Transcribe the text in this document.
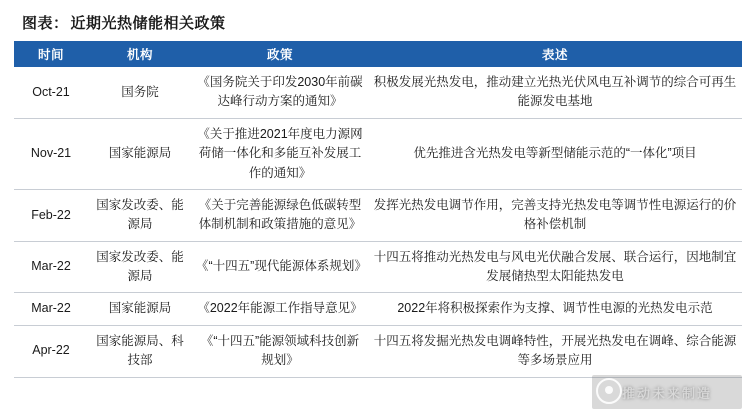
图表： 近期光热储能相关政策
时间	机构	政策	表述
Oct-21	国务院	《国务院关于印发2030年前碳达峰行动方案的通知》	积极发展光热发电，推动建立光热光伏风电互补调节的综合可再生能源发电基地
Nov-21	国家能源局	《关于推进2021年度电力源网荷储一体化和多能互补发展工作的通知》	优先推进含光热发电等新型储能示范的“一体化”项目
Feb-22	国家发改委、能源局	《关于完善能源绿色低碳转型体制机制和政策措施的意见》	发挥光热发电调节作用，完善支持光热发电等调节性电源运行的价格补偿机制
Mar-22	国家发改委、能源局	《“十四五”现代能源体系规划》	十四五将推动光热发电与风电光伏融合发展、联合运行，因地制宜发展储热型太阳能热发电
Mar-22	国家能源局	《2022年能源工作指导意见》	2022年将积极探索作为支撑、调节性电源的光热发电示范
Apr-22	国家能源局、科技部	《“十四五”能源领域科技创新规划》	十四五将发掘光热发电调峰特性，开展光热发电在调峰、综合能源等多场景应用
推动未来制造
